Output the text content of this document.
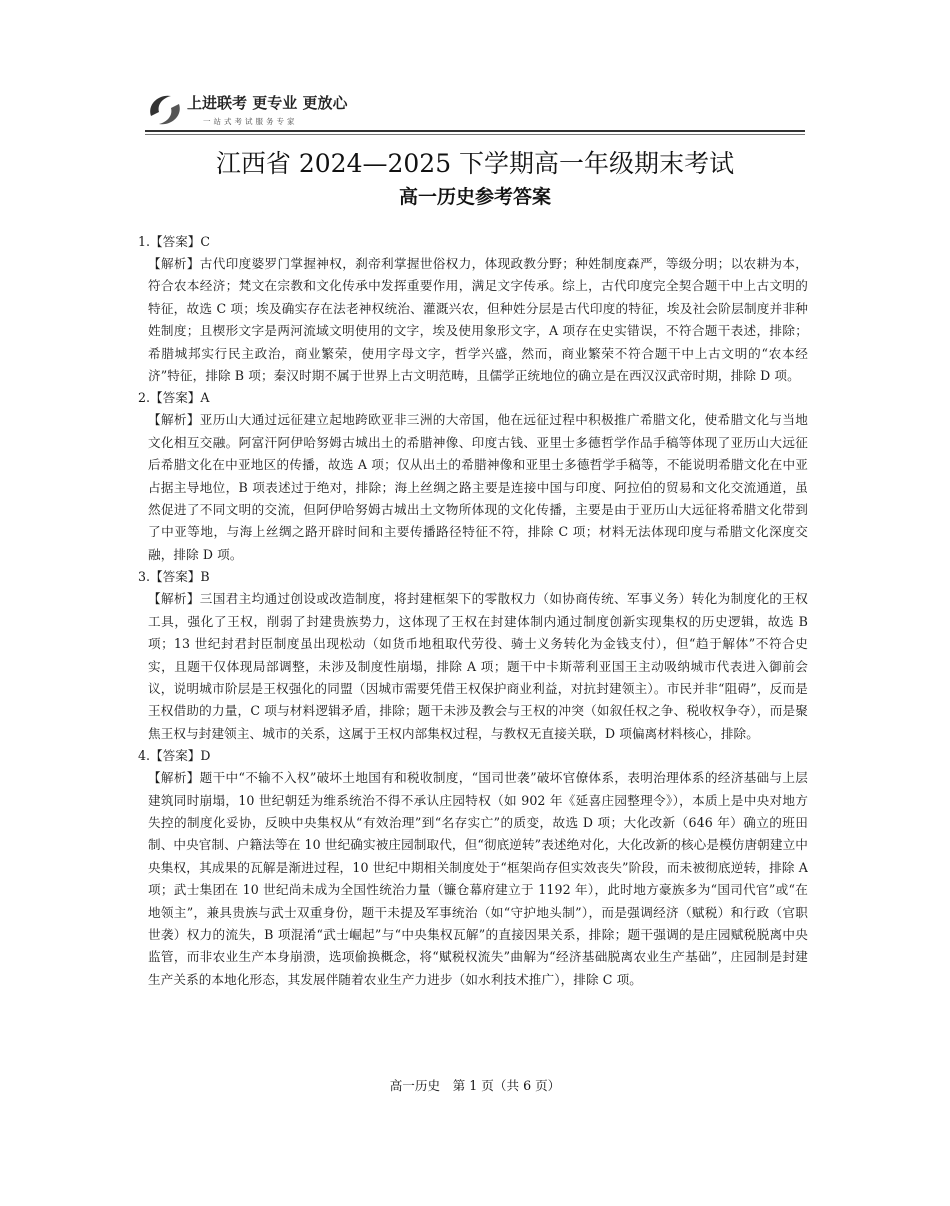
S 上进联考 更专业 更放心
一站式考试服务专家
江西省 2024—2025 下学期高一年级期末考试
高一历史参考答案

1.【答案】C

【解析】古代印度婆罗门掌握神权，刹帝利掌握世俗权力，体现政教分野；种姓制度森严，等级分明；以农耕为本，符合农本经济；梵文在宗教和文化传承中发挥重要作用，满足文字传承。综上，古代印度完全契合题干中上古文明的特征，故选 C 项；埃及确实存在法老神权统治、灌溉兴农，但种姓分层是古代印度的特征，埃及社会阶层制度并非种姓制度；且楔形文字是两河流域文明使用的文字，埃及使用象形文字，A 项存在史实错误，不符合题干表述，排除；希腊城邦实行民主政治，商业繁荣，使用字母文字，哲学兴盛，然而，商业繁荣不符合题干中上古文明的“农本经济”特征，排除 B 项；秦汉时期不属于世界上古文明范畴，且儒学正统地位的确立是在西汉汉武帝时期，排除 D 项。

2.【答案】A

【解析】亚历山大通过远征建立起地跨欧亚非三洲的大帝国，他在远征过程中积极推广希腊文化，使希腊文化与当地文化相互交融。阿富汗阿伊哈努姆古城出土的希腊神像、印度古钱、亚里士多德哲学作品手稿等体现了亚历山大远征后希腊文化在中亚地区的传播，故选 A 项；仅从出土的希腊神像和亚里士多德哲学手稿等，不能说明希腊文化在中亚占据主导地位，B 项表述过于绝对，排除；海上丝绸之路主要是连接中国与印度、阿拉伯的贸易和文化交流通道，虽然促进了不同文明的交流，但阿伊哈努姆古城出土文物所体现的文化传播，主要是由于亚历山大远征将希腊文化带到了中亚等地，与海上丝绸之路开辟时间和主要传播路径特征不符，排除 C 项；材料无法体现印度与希腊文化深度交融，排除 D 项。

3.【答案】B

【解析】三国君主均通过创设或改造制度，将封建框架下的零散权力（如协商传统、军事义务）转化为制度化的王权工具，强化了王权，削弱了封建贵族势力，这体现了王权在封建体制内通过制度创新实现集权的历史逻辑，故选 B 项；13 世纪封君封臣制度虽出现松动（如货币地租取代劳役、骑士义务转化为金钱支付），但“趋于解体”不符合史实，且题干仅体现局部调整，未涉及制度性崩塌，排除 A 项；题干中卡斯蒂利亚国王主动吸纳城市代表进入御前会议，说明城市阶层是王权强化的同盟（因城市需要凭借王权保护商业利益，对抗封建领主）。市民并非“阻碍”，反而是王权借助的力量，C 项与材料逻辑矛盾，排除；题干未涉及教会与王权的冲突（如叙任权之争、税收权争夺），而是聚焦王权与封建领主、城市的关系，这属于王权内部集权过程，与教权无直接关联，D 项偏离材料核心，排除。

4.【答案】D

【解析】题干中“不输不入权”破坏土地国有和税收制度，“国司世袭”破坏官僚体系，表明治理体系的经济基础与上层建筑同时崩塌，10 世纪朝廷为维系统治不得不承认庄园特权（如 902 年《延喜庄园整理令》），本质上是中央对地方失控的制度化妥协，反映中央集权从“有效治理”到“名存实亡”的质变，故选 D 项；大化改新（646 年）确立的班田制、中央官制、户籍法等在 10 世纪确实被庄园制取代，但“彻底逆转”表述绝对化，大化改新的核心是模仿唐朝建立中央集权，其成果的瓦解是渐进过程，10 世纪中期相关制度处于“框架尚存但实效丧失”阶段，而未被彻底逆转，排除 A 项；武士集团在 10 世纪尚未成为全国性统治力量（镰仓幕府建立于 1192 年），此时地方豪族多为“国司代官”或“在地领主”，兼具贵族与武士双重身份，题干未提及军事统治（如“守护地头制”），而是强调经济（赋税）和行政（官职世袭）权力的流失，B 项混淆“武士崛起”与“中央集权瓦解”的直接因果关系，排除；题干强调的是庄园赋税脱离中央监管，而非农业生产本身崩溃，选项偷换概念，将“赋税权流失”曲解为“经济基础脱离农业生产基础”，庄园制是封建生产关系的本地化形态，其发展伴随着农业生产力进步（如水利技术推广），排除 C 项。

高一历史　第 1 页（共 6 页）
